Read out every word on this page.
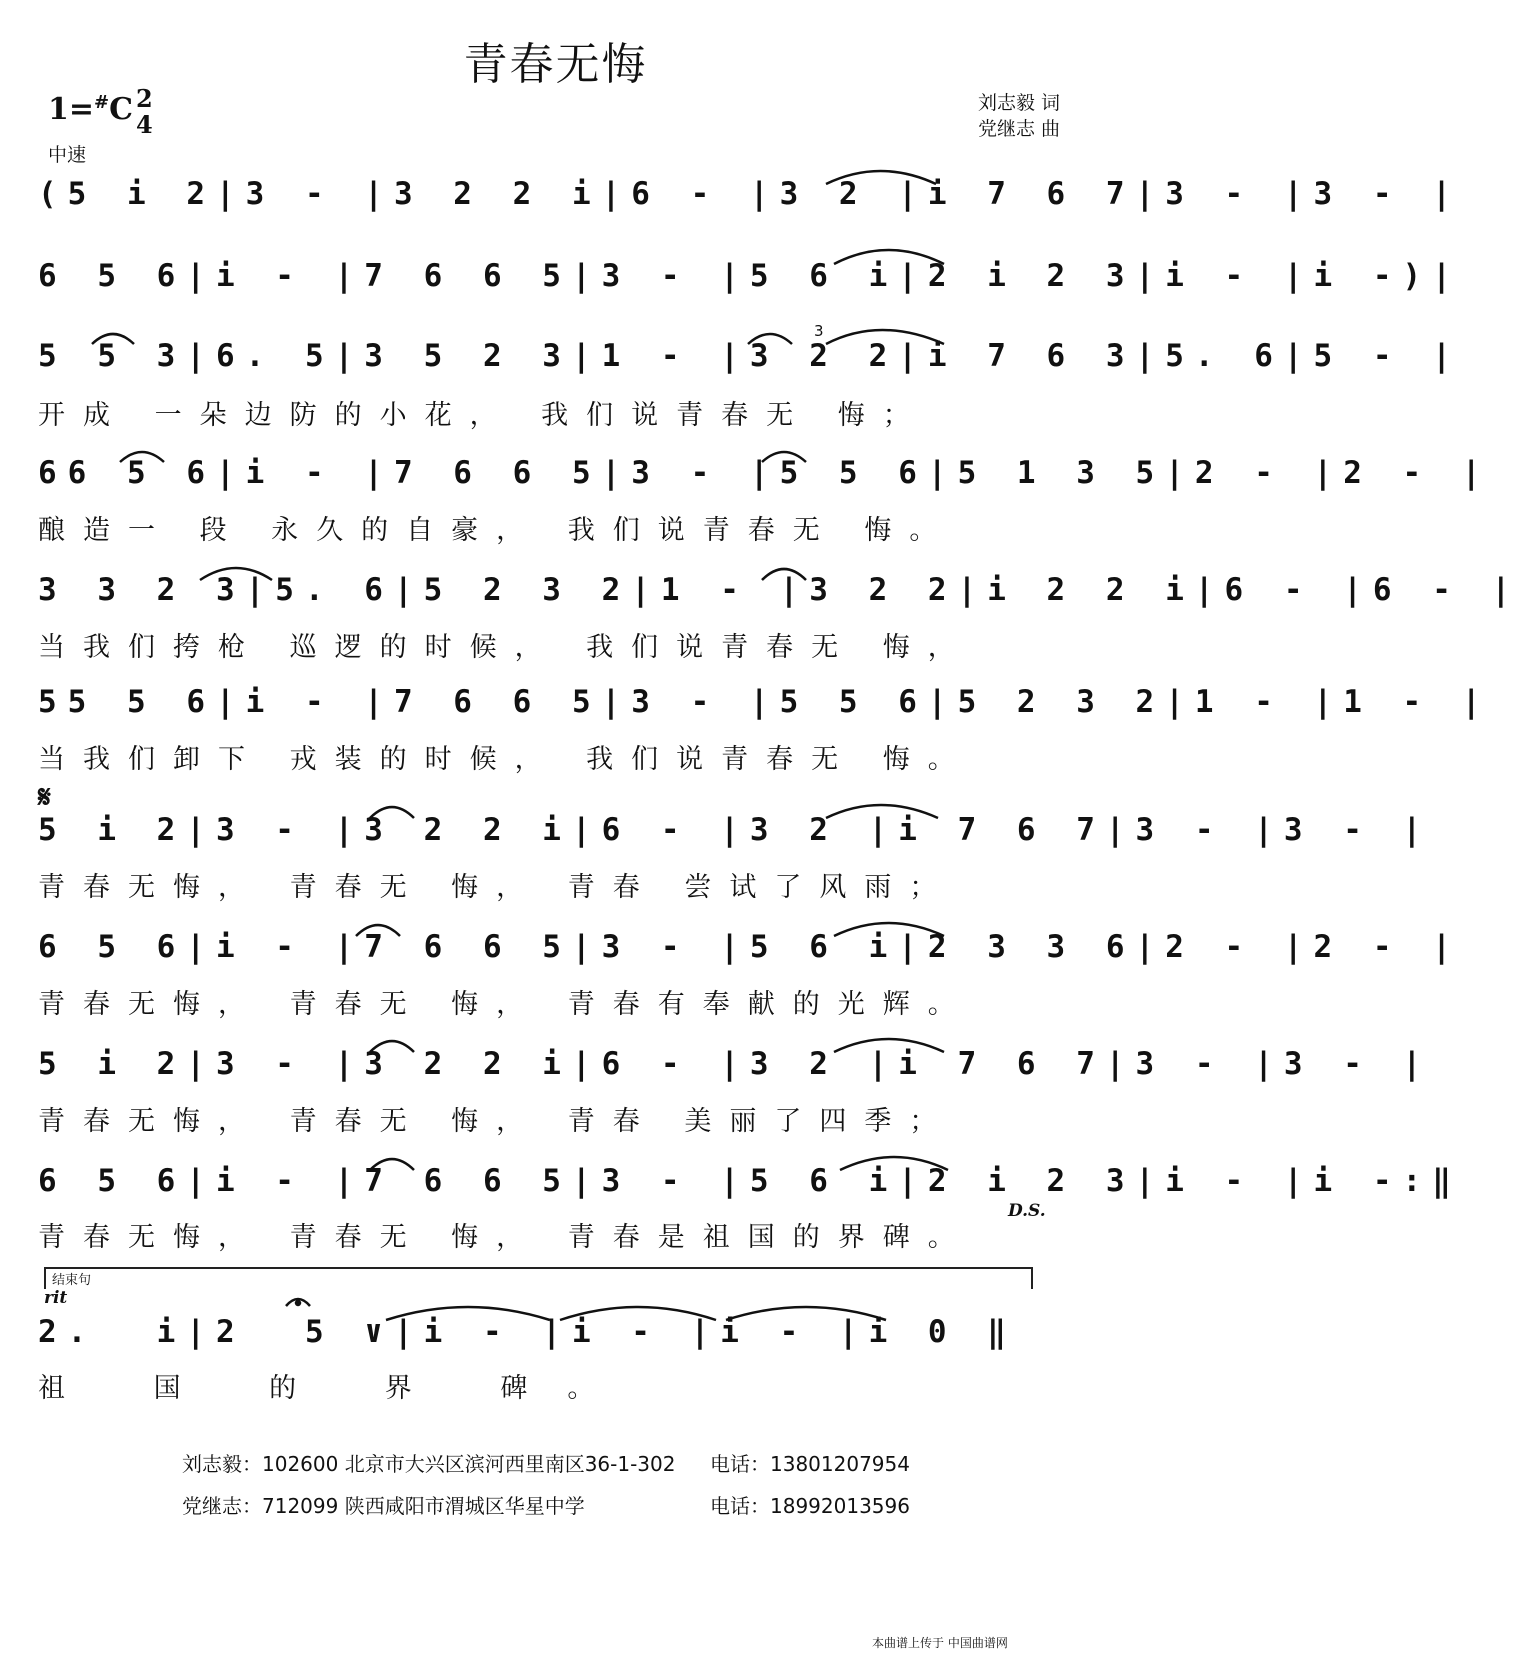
青春无悔
1=#C 2
4
中速
刘志毅 词
党继志 曲
(5 i 2|3 - |3 2 2 i|6 - |3 2 |i 7 6 7|3 - |3 - |
6 5 6|i - |7 6 6 5|3 - |5 6 i|2 i 2 3|i - |i -)|
3
5 5 3|6. 5|3 5 2 3|1 - |3 2 2|i 7 6 3|5. 6|5 - |
开成 一朵边防的小花， 我们说青春无 悔；
66 5 6|i - |7 6 6 5|3 - |5 5 6|5 1 3 5|2 - |2 - |
酿造一 段 永久的自豪， 我们说青春无 悔。
3 3 2 3|5. 6|5 2 3 2|1 - |3 2 2|i 2 2 i|6 - |6 - |
当我们挎枪 巡逻的时候， 我们说青春无 悔，
55 5 6|i - |7 6 6 5|3 - |5 5 6|5 2 3 2|1 - |1 - |
当我们卸下 戎装的时候， 我们说青春无 悔。
𝄋
5 i 2|3 - |3 2 2 i|6 - |3 2 |i 7 6 7|3 - |3 - |
青春无悔， 青春无 悔， 青春 尝试了风雨；
6 5 6|i - |7 6 6 5|3 - |5 6 i|2 3 3 6|2 - |2 - |
青春无悔， 青春无 悔， 青春有奉献的光辉。
5 i 2|3 - |3 2 2 i|6 - |3 2 |i 7 6 7|3 - |3 - |
青春无悔， 青春无 悔， 青春 美丽了四季；
6 5 6|i - |7 6 6 5|3 - |5 6 i|2 i 2 3|i - |i -:‖
青春无悔， 青春无 悔， 青春是祖国的界碑。
D.S.
结束句
rit
2.  i|2  5 ∨|i - |i - |i - |i 0 ‖
祖 国 的 界 碑。
刘志毅：102600 北京市大兴区滨河西里南区36-1-302 电话：13801207954
党继志：712099 陕西咸阳市渭城区华星中学	电话：18992013596
本曲谱上传于 中国曲谱网
